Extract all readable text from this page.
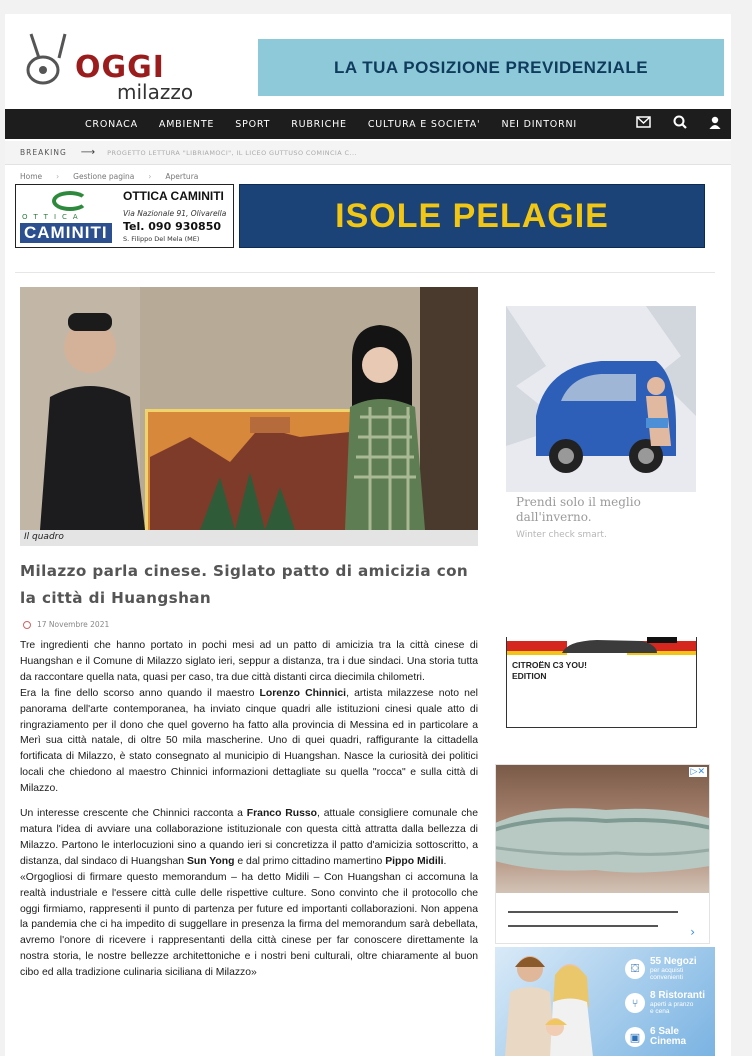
OGGI
milazzo
LA TUA POSIZIONE PREVIDENZIALE
CRONACA AMBIENTE SPORT RUBRICHE CULTURA E SOCIETA' NEI DINTORNI
BREAKING ⟶ PROGETTO LETTURA "LIBRIAMOCI", IL LICEO GUTTUSO COMINCIA C...
Home › Gestione pagina › Apertura
OTTICA
CAMINITI
OTTICA CAMINITI
Via Nazionale 91, Olivarella
Tel. 090 930850
S. Filippo Del Mela (ME)
ISOLE PELAGIE
Il quadro
Milazzo parla cinese. Siglato patto di amicizia con la città di Huangshan
17 Novembre 2021

Tre ingredienti che hanno portato in pochi mesi ad un patto di amicizia tra la città cinese di Huangshan e il Comune di Milazzo siglato ieri, seppur a distanza, tra i due sindaci. Una storia tutta da raccontare quella nata, quasi per caso, tra due città distanti circa diecimila chilometri.

Era la fine dello scorso anno quando il maestro Lorenzo Chinnici, artista milazzese noto nel panorama dell'arte contemporanea, ha inviato cinque quadri alle istituzioni cinesi quale atto di ringraziamento per il dono che quel governo ha fatto alla provincia di Messina ed in particolare a Merì sua città natale, di oltre 50 mila mascherine. Uno di quei quadri, raffigurante la cittadella fortificata di Milazzo, è stato consegnato al municipio di Huangshan. Nasce la curiosità dei politici locali che chiedono al maestro Chinnici informazioni dettagliate su quella "rocca" e sulla città di Milazzo.

Un interesse crescente che Chinnici racconta a Franco Russo, attuale consigliere comunale che matura l'idea di avviare una collaborazione istituzionale con questa città attratta dalla bellezza di Milazzo. Partono le interlocuzioni sino a quando ieri si concretizza il patto d'amicizia sottoscritto, a distanza, dal sindaco di Huangshan Sun Yong e dal primo cittadino mamertino Pippo Midili.

«Orgogliosi di firmare questo memorandum – ha detto Midili – Con Huangshan ci accomuna la realtà industriale e l'essere città culle delle rispettive culture. Sono convinto che il protocollo che oggi firmiamo, rappresenti il punto di partenza per future ed importanti collaborazioni. Non appena la pandemia che ci ha impedito di suggellare in presenza la firma del memorandum sarà debellata, avremo l'onore di ricevere i rappresentanti della città cinese per far conoscere direttamente la nostra storia, le nostre bellezze architettoniche e i nostri beni culturali, oltre chiaramente al buon cibo ed alla tradizione culinaria siciliana di Milazzo»

Prendi solo il meglio
dall'inverno.
Winter check smart.
CITROËN C3 YOU!
EDITION
▷✕
›
⛋
55 Negozi
per acquisti
convenienti
⑂
8 Ristoranti
aperti a pranzo
e cena
▣ 6 Sale
Cinema
